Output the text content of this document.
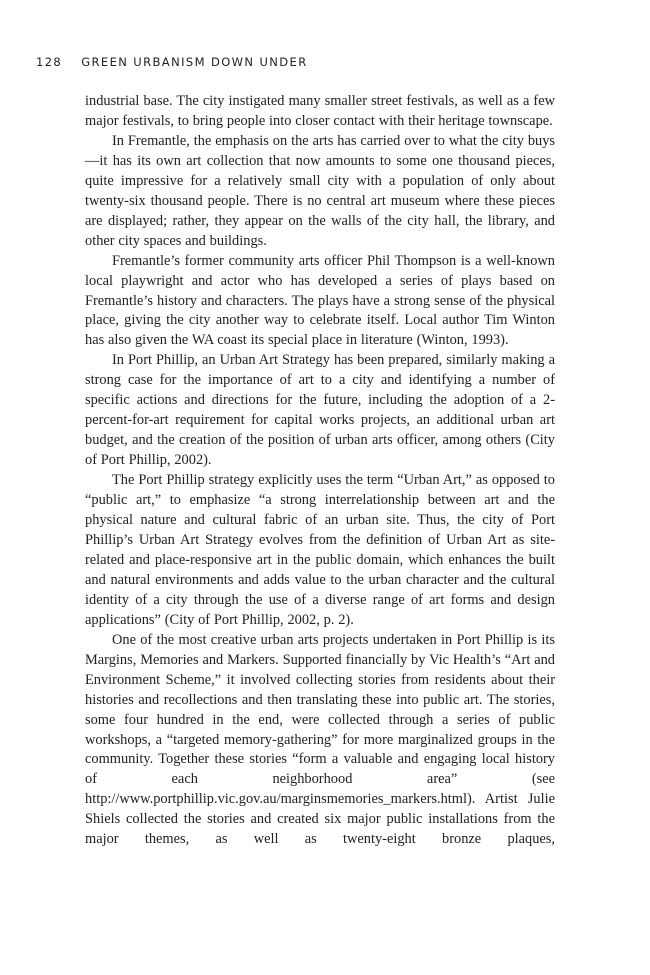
128 GREEN URBANISM DOWN UNDER

industrial base. The city instigated many smaller street festivals, as well as a few major festivals, to bring people into closer contact with their heritage townscape.

In Fremantle, the emphasis on the arts has carried over to what the city buys—it has its own art collection that now amounts to some one thousand pieces, quite impressive for a relatively small city with a population of only about twenty-six thousand people. There is no central art museum where these pieces are displayed; rather, they appear on the walls of the city hall, the library, and other city spaces and buildings.

Fremantle’s former community arts officer Phil Thompson is a well-known local playwright and actor who has developed a series of plays based on Fremantle’s history and characters. The plays have a strong sense of the physical place, giving the city another way to celebrate itself. Local author Tim Winton has also given the WA coast its special place in literature (Winton, 1993).

In Port Phillip, an Urban Art Strategy has been prepared, similarly making a strong case for the importance of art to a city and identifying a number of specific actions and directions for the future, including the adoption of a 2-percent-for-art requirement for capital works projects, an additional urban art budget, and the creation of the position of urban arts officer, among others (City of Port Phillip, 2002).

The Port Phillip strategy explicitly uses the term “Urban Art,” as opposed to “public art,” to emphasize “a strong interrelationship between art and the physical nature and cultural fabric of an urban site. Thus, the city of Port Phillip’s Urban Art Strategy evolves from the definition of Urban Art as site-related and place-responsive art in the public domain, which enhances the built and natural environments and adds value to the urban character and the cultural identity of a city through the use of a diverse range of art forms and design applications” (City of Port Phillip, 2002, p. 2).

One of the most creative urban arts projects undertaken in Port Phillip is its Margins, Memories and Markers. Supported financially by Vic Health’s “Art and Environment Scheme,” it involved collecting stories from residents about their histories and recollections and then translating these into public art. The stories, some four hundred in the end, were collected through a series of public workshops, a “targeted memory-gathering” for more marginalized groups in the community. Together these stories “form a valuable and engaging local history of each neighborhood area” (see http://www.portphillip.vic.gov.au/marginsmemories_markers.html). Artist Julie Shiels collected the stories and created six major public installations from the major themes, as well as twenty-eight bronze plaques,
